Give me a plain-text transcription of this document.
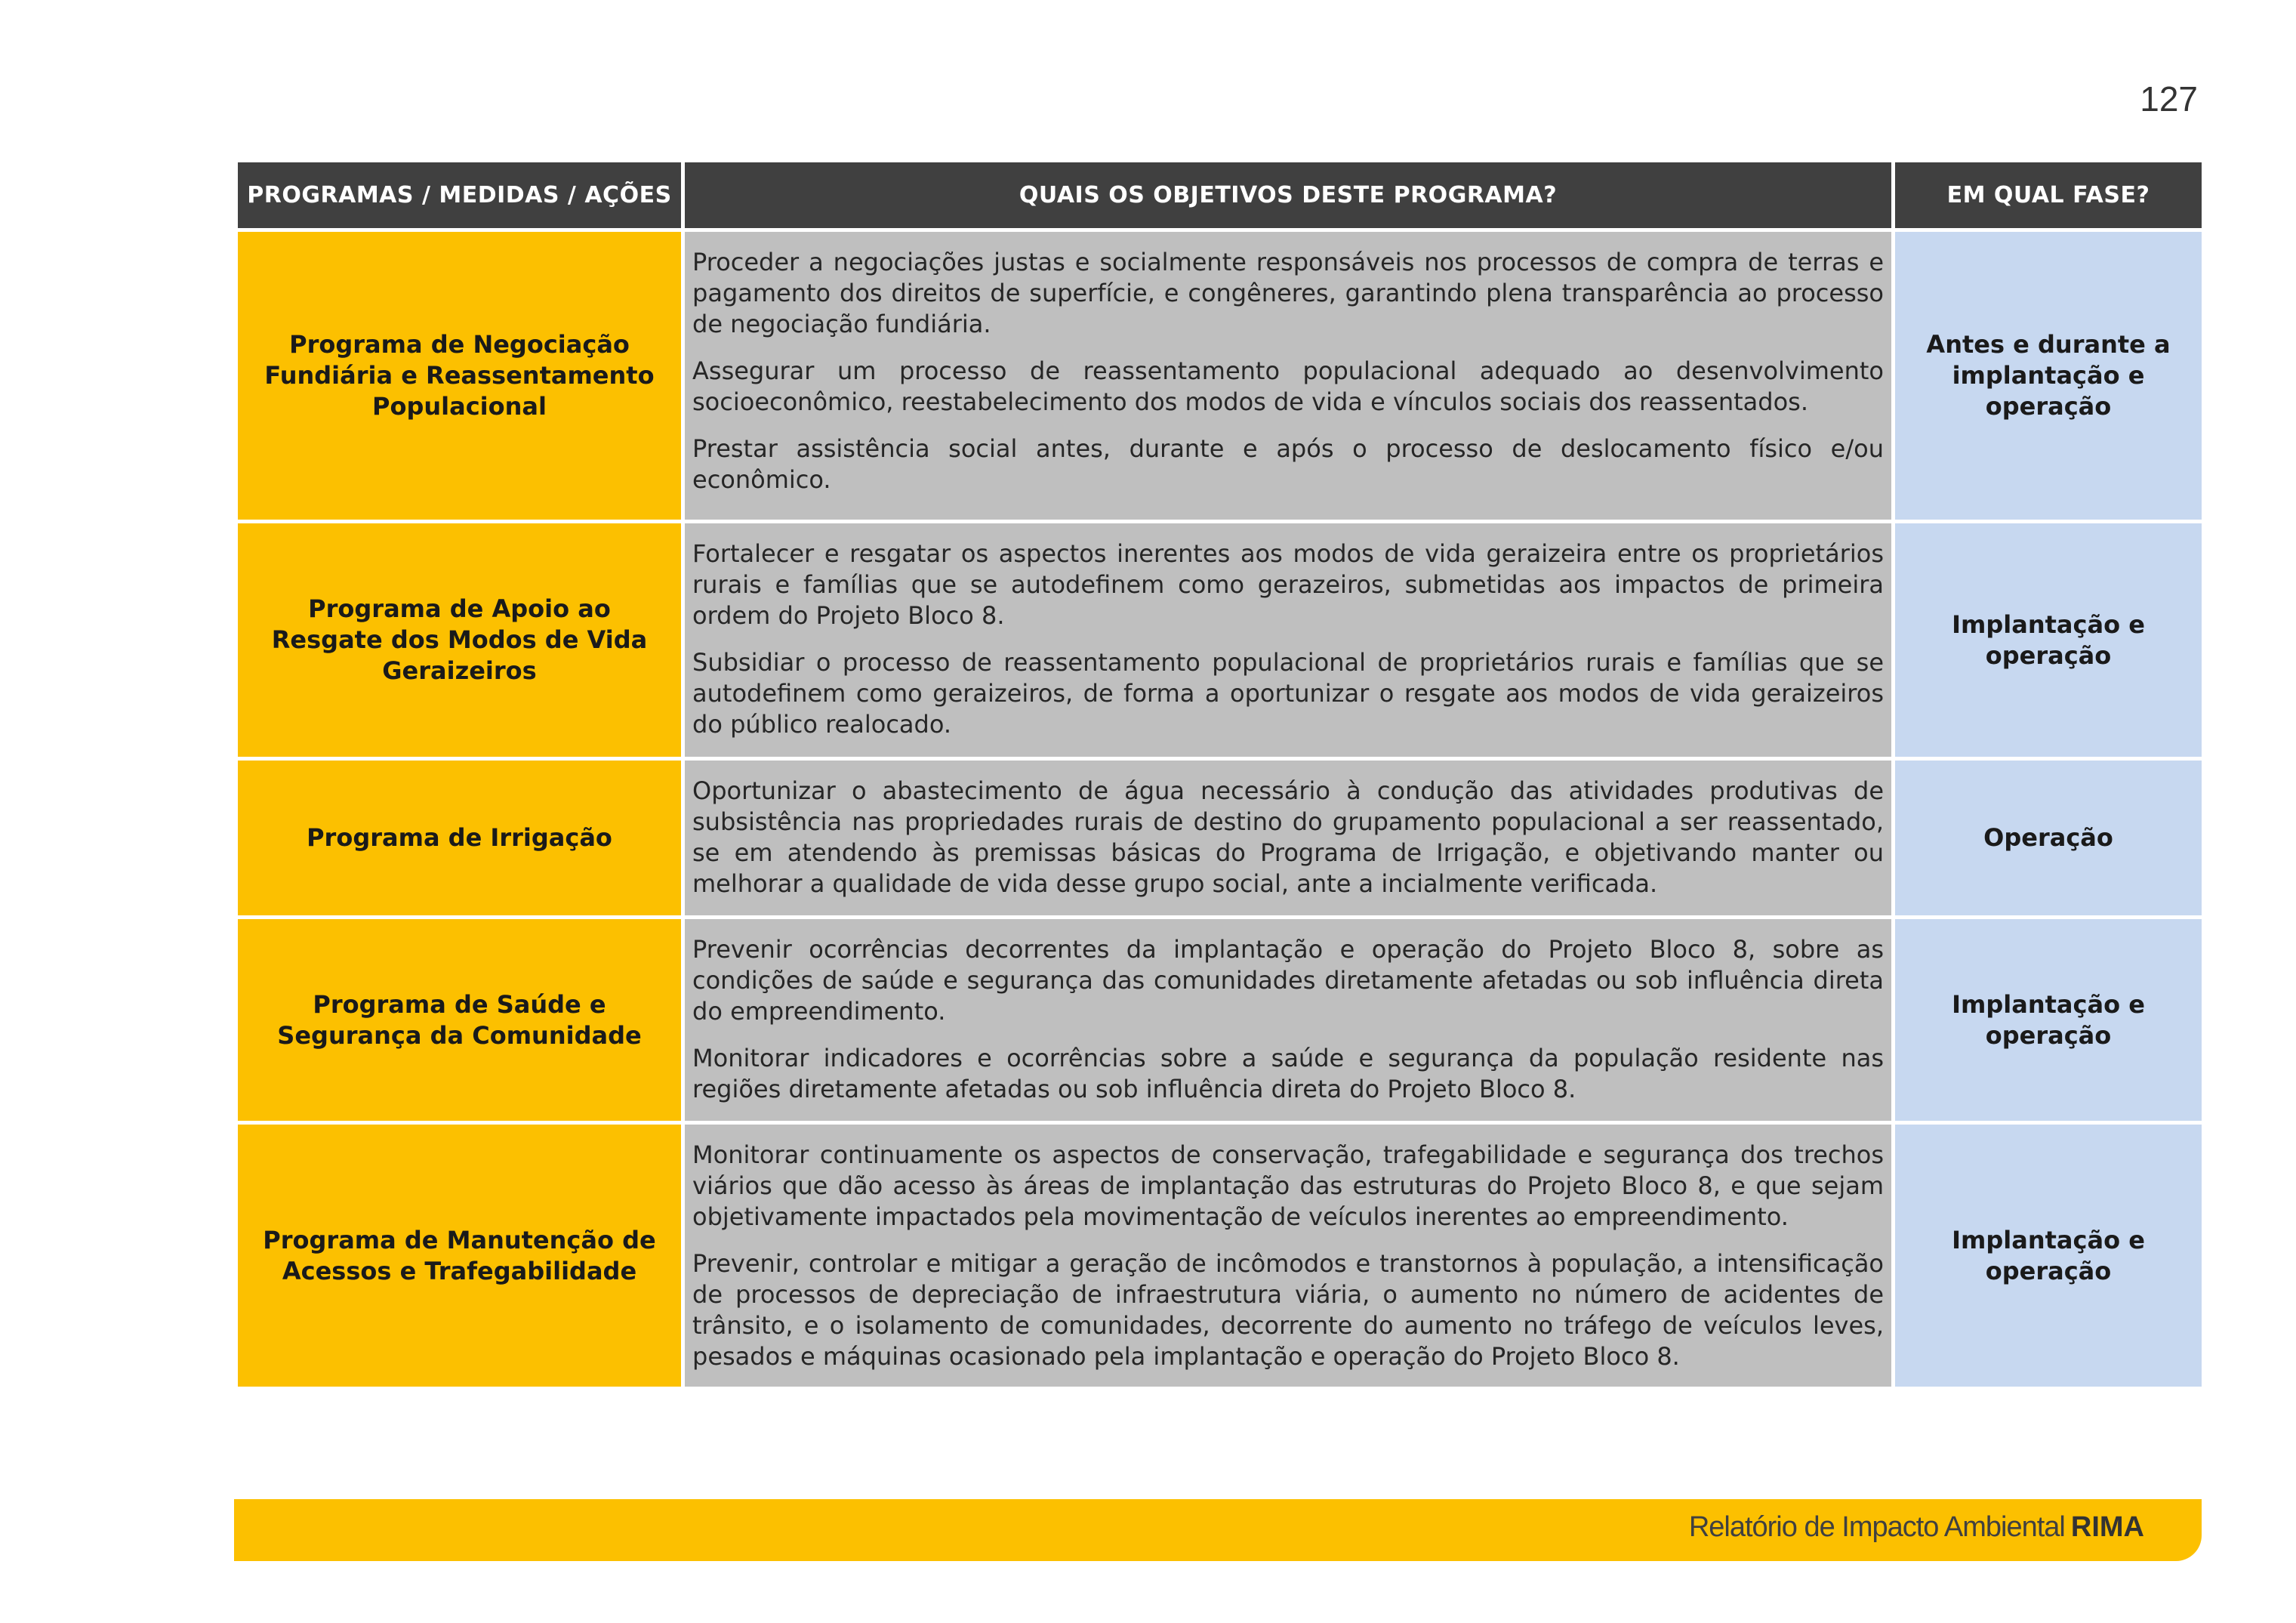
127
PROGRAMAS / MEDIDAS / AÇÕES	QUAIS OS OBJETIVOS DESTE PROGRAMA?	EM QUAL FASE?
Programa de Negociação Fundiária e Reassentamento Populacional	Proceder a negociações justas e socialmente responsáveis nos processos de compra de terras e pagamento dos direitos de superfície, e congêneres, garantindo plena transparência ao processo de negociação fundiária.

Assegurar um processo de reassentamento populacional adequado ao desenvolvimento socioeconômico, reestabelecimento dos modos de vida e vínculos sociais dos reassentados.

Prestar assistência social antes, durante e após o processo de deslocamento físico e/ou econômico.	Antes e durante a implantação e operação
Programa de Apoio ao Resgate dos Modos de Vida Geraizeiros	Fortalecer e resgatar os aspectos inerentes aos modos de vida geraizeira entre os proprietários rurais e famílias que se autodefinem como gerazeiros, submetidas aos impactos de primeira ordem do Projeto Bloco 8.

Subsidiar o processo de reassentamento populacional de proprietários rurais e famílias que se autodefinem como geraizeiros, de forma a oportunizar o resgate aos modos de vida geraizeiros do público realocado.	Implantação e operação
Programa de Irrigação	Oportunizar o abastecimento de água necessário à condução das atividades produtivas de subsistência nas propriedades rurais de destino do grupamento populacional a ser reassentado, se em atendendo às premissas básicas do Programa de Irrigação, e objetivando manter ou melhorar a qualidade de vida desse grupo social, ante a incialmente verificada.	Operação
Programa de Saúde e Segurança da Comunidade	Prevenir ocorrências decorrentes da implantação e operação do Projeto Bloco 8, sobre as condições de saúde e segurança das comunidades diretamente afetadas ou sob influência direta do empreendimento.

Monitorar indicadores e ocorrências sobre a saúde e segurança da população residente nas regiões diretamente afetadas ou sob influência direta do Projeto Bloco 8.	Implantação e operação
Programa de Manutenção de Acessos e Trafegabilidade	Monitorar continuamente os aspectos de conservação, trafegabilidade e segurança dos trechos viários que dão acesso às áreas de implantação das estruturas do Projeto Bloco 8, e que sejam objetivamente impactados pela movimentação de veículos inerentes ao empreendimento.

Prevenir, controlar e mitigar a geração de incômodos e transtornos à população, a intensificação de processos de depreciação de infraestrutura viária, o aumento no número de acidentes de trânsito, e o isolamento de comunidades, decorrente do aumento no tráfego de veículos leves, pesados e máquinas ocasionado pela implantação e operação do Projeto Bloco 8.	Implantação e operação
Relatório de Impacto Ambiental RIMA
